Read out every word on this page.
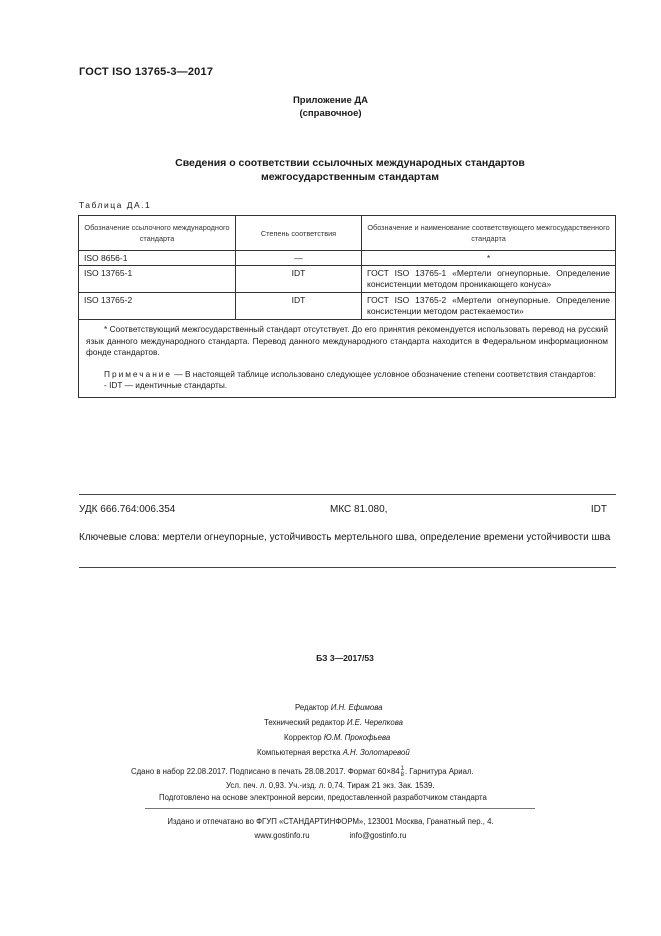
ГОСТ ISO 13765-3—2017
Приложение ДА
(справочное)
Сведения о соответствии ссылочных международных стандартов
межгосударственным стандартам
Таблица ДА.1
Обозначение ссылочного международного стандарта	Степень соответствия	Обозначение и наименование соответствующего межгосударственного стандарта
ISO 8656-1	—	*
ISO 13765-1	IDT	ГОСТ ISO 13765-1 «Мертели огнеупорные. Определение консистенции методом проникающего конуса»
ISO 13765-2	IDT	ГОСТ ISO 13765-2 «Мертели огнеупорные. Определение консистенции методом растекаемости»

* Соответствующий межгосударственный стандарт отсутствует. До его принятия рекомендуется использовать перевод на русский язык данного международного стандарта. Перевод данного международного стандарта находится в Федеральном информационном фонде стандартов.

Примечание — В настоящей таблице использовано следующее условное обозначение степени соответствия стандартов:

- IDT — идентичные стандарты.		

УДК 666.764:006.354	МКС 81.080,	IDT
Ключевые слова: мертели огнеупорные, устойчивость мертельного шва, определение времени устойчивости шва
БЗ 3—2017/53
Редактор И.Н. Ефимова
Технический редактор И.Е. Черепкова
Корректор Ю.М. Прокофьева
Компьютерная верстка А.Н. Золотаревой
Сдано в набор 22.08.2017. Подписано в печать 28.08.2017. Формат 60×841
8. Гарнитура Ариал.
Усл. печ. л. 0,93. Уч.-изд. л. 0,74. Тираж 21 экз. Зак. 1539.
Подготовлено на основе электронной версии, предоставленной разработчиком стандарта
Издано и отпечатано во ФГУП «СТАНДАРТИНФОРМ», 123001 Москва, Гранатный пер., 4.
www.gostinfo.ru	info@gostinfo.ru
